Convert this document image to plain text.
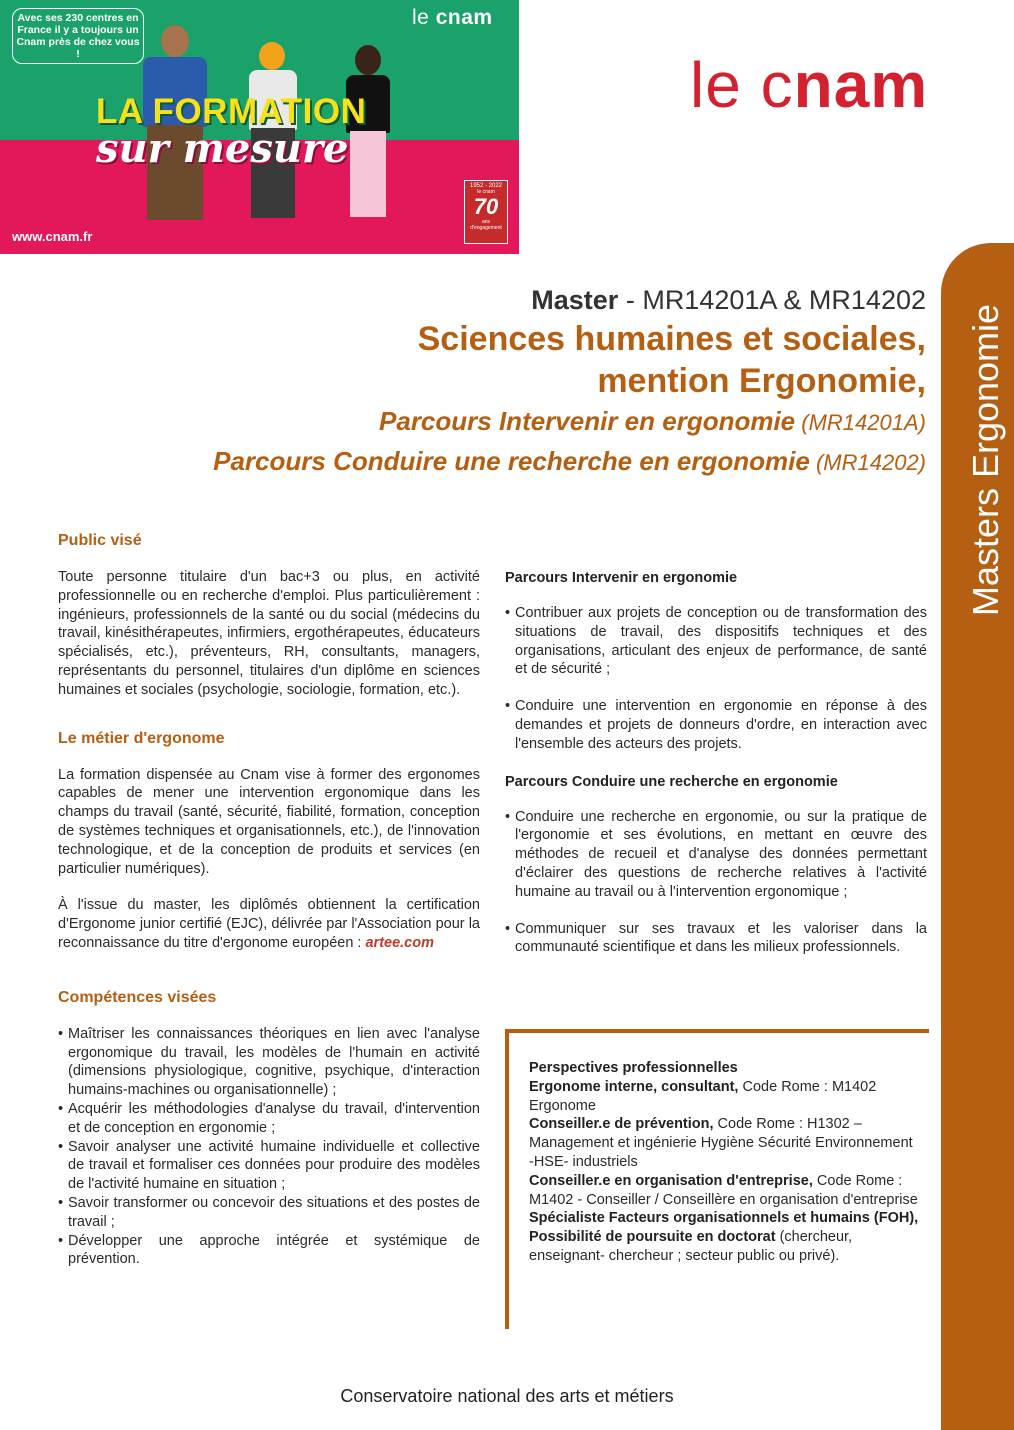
Avec ses 230 centres en France il y a toujours un Cnam près de chez vous !
le cnam
LA FORMATION
sur mesure
www.cnam.fr
1952 - 2022
le cnam
70
ans
d'engagement
le cnam
Masters Ergonomie
Master - MR14201A & MR14202
Sciences humaines et sociales,
mention Ergonomie,
Parcours Intervenir en ergonomie (MR14201A)
Parcours Conduire une recherche en ergonomie (MR14202)
Public visé

Toute personne titulaire d'un bac+3 ou plus, en activité professionnelle ou en recherche d'emploi. Plus particulièrement : ingénieurs, professionnels de la santé ou du social (médecins du travail, kinésithérapeutes, infirmiers, ergothérapeutes, éducateurs spécialisés, etc.), préventeurs, RH, consultants, managers, représentants du personnel, titulaires d'un diplôme en sciences humaines et sociales (psychologie, sociologie, formation, etc.).

Le métier d'ergonome

La formation dispensée au Cnam vise à former des ergonomes capables de mener une intervention ergonomique dans les champs du travail (santé, sécurité, fiabilité, formation, conception de systèmes techniques et organisationnels, etc.), de l'innovation technologique, et de la conception de produits et services (en particulier numériques).

À l'issue du master, les diplômés obtiennent la certification d'Ergonome junior certifié (EJC), délivrée par l'Association pour la reconnaissance du titre d'ergonome européen : artee.com

Compétences visées
• Maîtriser les connaissances théoriques en lien avec l'analyse ergonomique du travail, les modèles de l'humain en activité (dimensions physiologique, cognitive, psychique, d'interaction humains-machines ou organisationnelle) ;
• Acquérir les méthodologies d'analyse du travail, d'intervention et de conception en ergonomie ;
• Savoir analyser une activité humaine individuelle et collective de travail et formaliser ces données pour produire des modèles de l'activité humaine en situation ;
• Savoir transformer ou concevoir des situations et des postes de travail ;
• Développer une approche intégrée et systémique de prévention.
Parcours Intervenir en ergonomie
• Contribuer aux projets de conception ou de transformation des situations de travail, des dispositifs techniques et des organisations, articulant des enjeux de performance, de santé et de sécurité ;
• Conduire une intervention en ergonomie en réponse à des demandes et projets de donneurs d'ordre, en interaction avec l'ensemble des acteurs des projets.
Parcours Conduire une recherche en ergonomie
• Conduire une recherche en ergonomie, ou sur la pratique de l'ergonomie et ses évolutions, en mettant en œuvre des méthodes de recueil et d'analyse des données permettant d'éclairer des questions de recherche relatives à l'activité humaine au travail ou à l'intervention ergonomique ;
• Communiquer sur ses travaux et les valoriser dans la communauté scientifique et dans les milieux professionnels.

Perspectives professionnelles

Ergonome interne, consultant, Code Rome : M1402 Ergonome

Conseiller.e de prévention, Code Rome : H1302 – Management et ingénierie Hygiène Sécurité Environnement -HSE- industriels

Conseiller.e en organisation d'entreprise, Code Rome : M1402 - Conseiller / Conseillère en organisation d'entreprise

Spécialiste Facteurs organisationnels et humains (FOH),

Possibilité de poursuite en doctorat (chercheur, enseignant- chercheur ; secteur public ou privé).

Conservatoire national des arts et métiers
